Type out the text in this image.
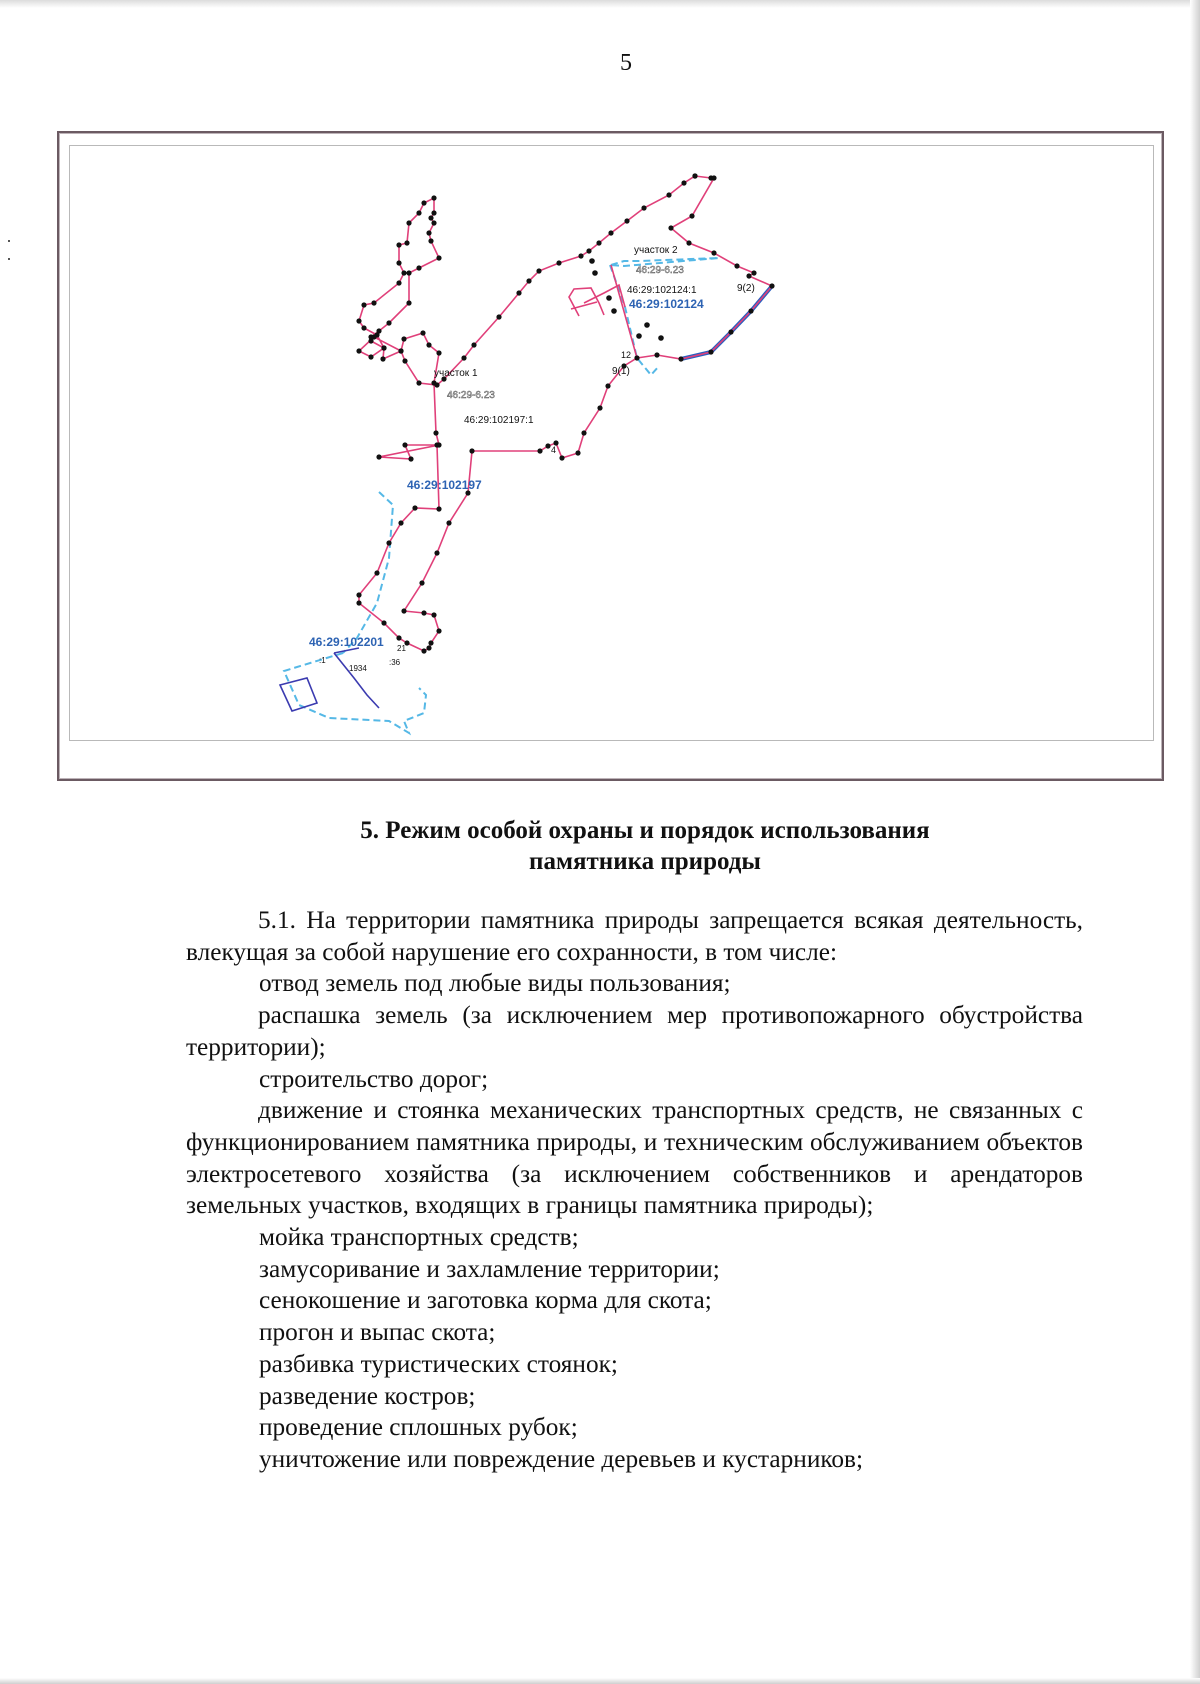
5
участок 2
46:29-6.23
46:29:102124:1
46:29:102124
9(2)
9(1)
12
участок 1
46:29-6.23
46:29:102197:1
4
46:29:102197
46:29:102201
:1
1934
:36
21
5. Режим особой охраны и порядок использования
памятника природы

5.1. На территории памятника природы запрещается всякая деятельность, влекущая за собой нарушение его сохранности, в том числе:

отвод земель под любые виды пользования;

распашка земель (за исключением мер противопожарного обустройства территории);

строительство дорог;

движение и стоянка механических транспортных средств, не связанных с функционированием памятника природы, и техническим обслуживанием объектов электросетевого хозяйства (за исключением собственников и арендаторов земельных участков, входящих в границы памятника природы);

мойка транспортных средств;

замусоривание и захламление территории;

сенокошение и заготовка корма для скота;

прогон и выпас скота;

разбивка туристических стоянок;

разведение костров;

проведение сплошных рубок;

уничтожение или повреждение деревьев и кустарников;
